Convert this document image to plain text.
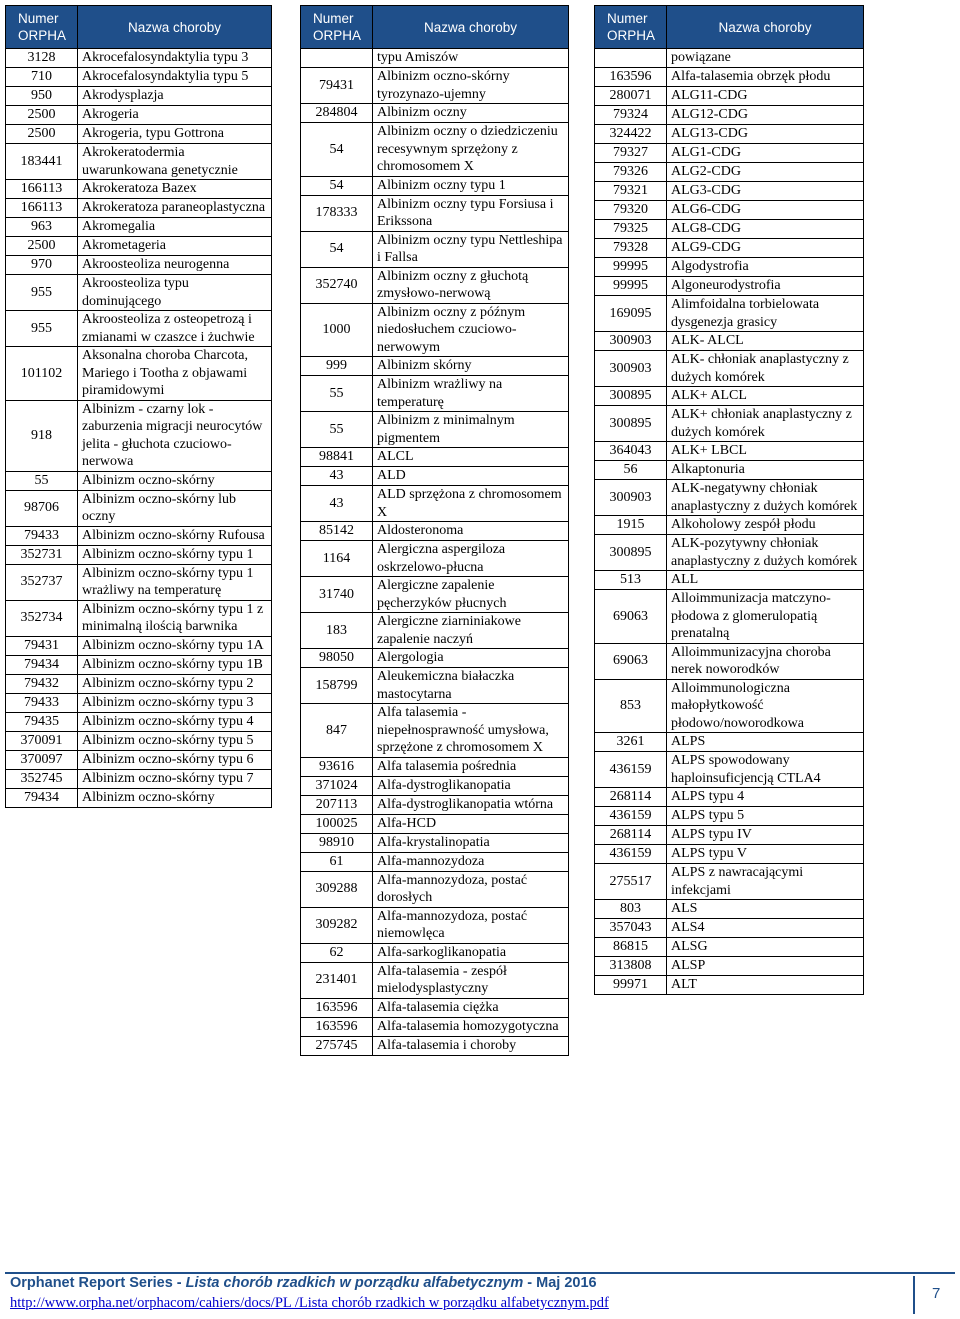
Numer ORPHA	Nazwa choroby
3128	Akrocefalosyndaktylia typu 3
710	Akrocefalosyndaktylia typu 5
950	Akrodysplazja
2500	Akrogeria
2500	Akrogeria, typu Gottrona
183441	Akrokeratodermia uwarunkowana genetycznie
166113	Akrokeratoza Bazex
166113	Akrokeratoza paraneoplastyczna
963	Akromegalia
2500	Akrometageria
970	Akroosteoliza neurogenna
955	Akroosteoliza typu dominującego
955	Akroosteoliza z osteopetrozą i zmianami w czaszce i żuchwie
101102	Aksonalna choroba Charcota, Mariego i Tootha z objawami piramidowymi
918	Albinizm - czarny lok - zaburzenia migracji neurocytów jelita - głuchota czuciowo-nerwowa
55	Albinizm oczno-skórny
98706	Albinizm oczno-skórny lub oczny
79433	Albinizm oczno-skórny Rufousa
352731	Albinizm oczno-skórny typu 1
352737	Albinizm oczno-skórny typu 1 wrażliwy na temperaturę
352734	Albinizm oczno-skórny typu 1 z minimalną ilością barwnika
79431	Albinizm oczno-skórny typu 1A
79434	Albinizm oczno-skórny typu 1B
79432	Albinizm oczno-skórny typu 2
79433	Albinizm oczno-skórny typu 3
79435	Albinizm oczno-skórny typu 4
370091	Albinizm oczno-skórny typu 5
370097	Albinizm oczno-skórny typu 6
352745	Albinizm oczno-skórny typu 7
79434	Albinizm oczno-skórny
Numer ORPHA	Nazwa choroby
	typu Amiszów
79431	Albinizm oczno-skórny tyrozynazo-ujemny
284804	Albinizm oczny
54	Albinizm oczny o dziedziczeniu recesywnym sprzężony z chromosomem X
54	Albinizm oczny typu 1
178333	Albinizm oczny typu Forsiusa i Erikssona
54	Albinizm oczny typu Nettleshipa i Fallsa
352740	Albinizm oczny z głuchotą zmysłowo-nerwową
1000	Albinizm oczny z późnym niedosłuchem czuciowo-nerwowym
999	Albinizm skórny
55	Albinizm wrażliwy na temperaturę
55	Albinizm z minimalnym pigmentem
98841	ALCL
43	ALD
43	ALD sprzężona z chromosomem X
85142	Aldosteronoma
1164	Alergiczna aspergiloza oskrzelowo-płucna
31740	Alergiczne zapalenie pęcherzyków płucnych
183	Alergiczne ziarniniakowe zapalenie naczyń
98050	Alergologia
158799	Aleukemiczna białaczka mastocytarna
847	Alfa talasemia - niepełnosprawność umysłowa, sprzężone z chromosomem X
93616	Alfa talasemia pośrednia
371024	Alfa-dystroglikanopatia
207113	Alfa-dystroglikanopatia wtórna
100025	Alfa-HCD
98910	Alfa-krystalinopatia
61	Alfa-mannozydoza
309288	Alfa-mannozydoza, postać dorosłych
309282	Alfa-mannozydoza, postać niemowlęca
62	Alfa-sarkoglikanopatia
231401	Alfa-talasemia - zespół mielodysplastyczny
163596	Alfa-talasemia ciężka
163596	Alfa-talasemia homozygotyczna
275745	Alfa-talasemia i choroby
Numer ORPHA	Nazwa choroby
	powiązane
163596	Alfa-talasemia obrzęk płodu
280071	ALG11-CDG
79324	ALG12-CDG
324422	ALG13-CDG
79327	ALG1-CDG
79326	ALG2-CDG
79321	ALG3-CDG
79320	ALG6-CDG
79325	ALG8-CDG
79328	ALG9-CDG
99995	Algodystrofia
99995	Algoneurodystrofia
169095	Alimfoidalna torbielowata dysgenezja grasicy
300903	ALK- ALCL
300903	ALK- chłoniak anaplastyczny z dużych komórek
300895	ALK+ ALCL
300895	ALK+ chłoniak anaplastyczny z dużych komórek
364043	ALK+ LBCL
56	Alkaptonuria
300903	ALK-negatywny chłoniak anaplastyczny z dużych komórek
1915	Alkoholowy zespół płodu
300895	ALK-pozytywny chłoniak anaplastyczny z dużych komórek
513	ALL
69063	Alloimmunizacja matczyno-płodowa z glomerulopatią prenatalną
69063	Alloimmunizacyjna choroba nerek noworodków
853	Alloimmunologiczna małopłytkowość płodowo/noworodkowa
3261	ALPS
436159	ALPS spowodowany haploinsuficjencją CTLA4
268114	ALPS typu 4
436159	ALPS typu 5
268114	ALPS typu IV
436159	ALPS typu V
275517	ALPS z nawracającymi infekcjami
803	ALS
357043	ALS4
86815	ALSG
313808	ALSP
99971	ALT
Orphanet Report Series - Lista chorób rzadkich w porządku alfabetycznym - Maj 2016
http://www.orpha.net/orphacom/cahiers/docs/PL /Lista chorób rzadkich w porządku alfabetycznym.pdf
7
